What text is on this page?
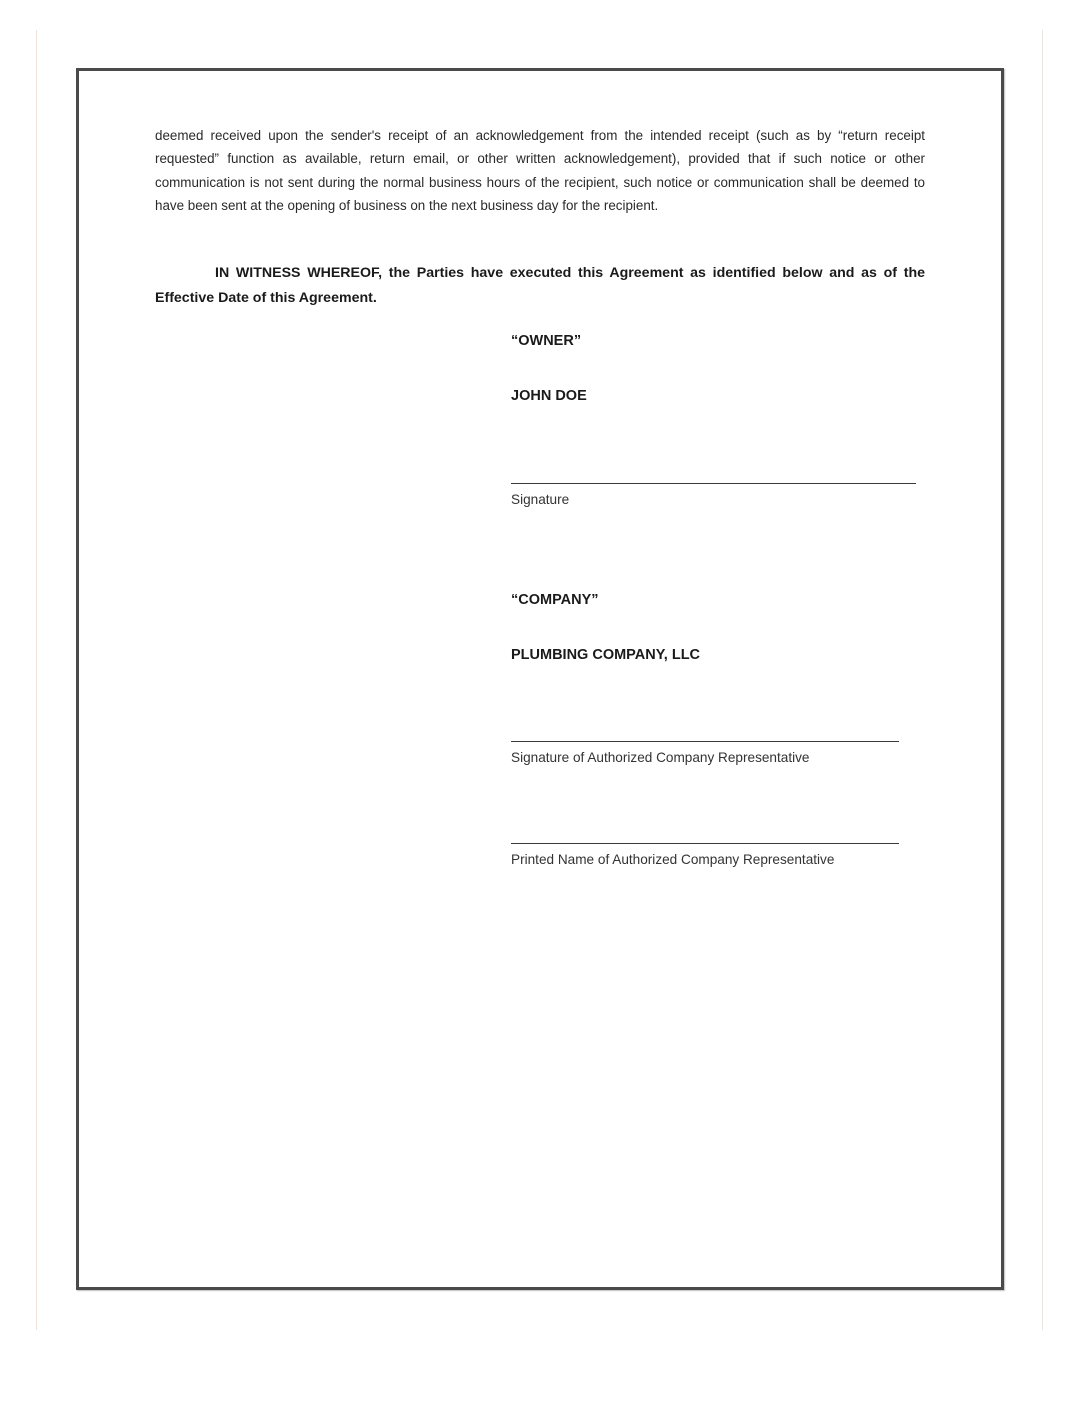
deemed received upon the sender's receipt of an acknowledgement from the intended receipt (such as by “return receipt requested” function as available, return email, or other written acknowledgement), provided that if such notice or other communication is not sent during the normal business hours of the recipient, such notice or communication shall be deemed to have been sent at the opening of business on the next business day for the recipient.

IN WITNESS WHEREOF, the Parties have executed this Agreement as identified below and as of the Effective Date of this Agreement.

“OWNER”
JOHN DOE
Signature
“COMPANY”
PLUMBING COMPANY, LLC
Signature of Authorized Company Representative
Printed Name of Authorized Company Representative
